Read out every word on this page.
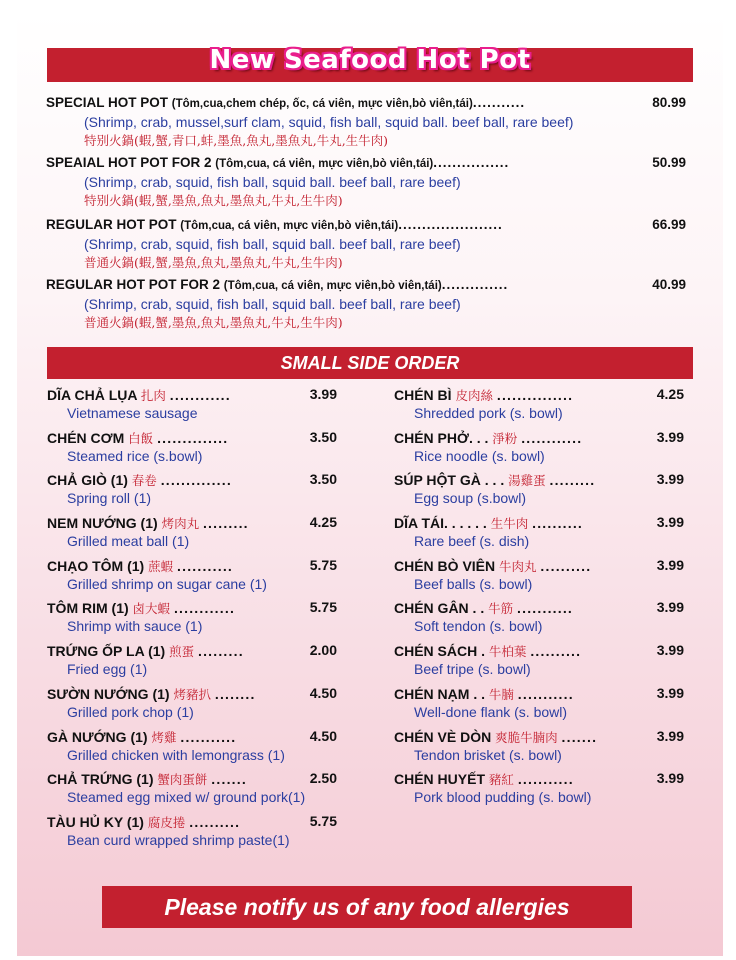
New Seafood Hot Pot
SPECIAL HOT POT (Tôm,cua,chem chép, ốc, cá viên, mực viên,bò viên,tái)...........	80.99
(Shrimp, crab, mussel,surf clam, squid, fish ball, squid ball. beef ball, rare beef)
特别火鍋(蝦,蟹,青口,蚌,墨魚,魚丸,墨魚丸,牛丸,生牛肉)
SPEAIAL HOT POT FOR 2 (Tôm,cua, cá viên, mực viên,bò viên,tái)................	50.99
(Shrimp, crab, squid, fish ball, squid ball. beef ball, rare beef)
特别火鍋(蝦,蟹,墨魚,魚丸,墨魚丸,牛丸,生牛肉)
REGULAR HOT POT (Tôm,cua, cá viên, mực viên,bò viên,tái)......................	66.99
(Shrimp, crab, squid, fish ball, squid ball. beef ball, rare beef)
普通火鍋(蝦,蟹,墨魚,魚丸,墨魚丸,牛丸,生牛肉)
REGULAR HOT POT FOR 2 (Tôm,cua, cá viên, mực viên,bò viên,tái)..............	40.99
(Shrimp, crab, squid, fish ball, squid ball. beef ball, rare beef)
普通火鍋(蝦,蟹,墨魚,魚丸,墨魚丸,牛丸,生牛肉)
SMALL SIDE ORDER
DĨA CHẢ LỤA 扎肉 ............	3.99
Vietnamese sausage
CHÉN CƠM 白飯 ..............	3.50
Steamed rice (s.bowl)
CHẢ GIÒ (1) 春卷 ..............	3.50
Spring roll (1)
NEM NƯỚNG (1) 烤肉丸 .........	4.25
Grilled meat ball (1)
CHẠO TÔM (1) 蔗蝦 ...........	5.75
Grilled shrimp on sugar cane (1)
TÔM RIM (1) 卤大蝦 ............	5.75
Shrimp with sauce (1)
TRỨNG ỐP LA (1) 煎蛋 .........	2.00
Fried egg (1)
SƯỜN NƯỚNG (1) 烤豬扒 ........	4.50
Grilled pork chop (1)
GÀ NƯỚNG (1) 烤雞 ...........	4.50
Grilled chicken with lemongrass (1)
CHẢ TRỨNG (1) 蟹肉蛋餅 .......	2.50
Steamed egg mixed w/ ground pork(1)
TÀU HỦ KY (1) 腐皮捲 ..........	5.75
Bean curd wrapped shrimp paste(1)
CHÉN BÌ 皮肉絲 ...............	4.25
Shredded pork (s. bowl)
CHÉN PHỞ. . . 淨粉 ............	3.99
Rice noodle (s. bowl)
SÚP HỘT GÀ . . . 湯雞蛋 .........	3.99
Egg soup (s.bowl)
DĨA TÁI. . . . . . 生牛肉 ..........	3.99
Rare beef (s. dish)
CHÉN BÒ VIÊN 牛肉丸 ..........	3.99
Beef balls (s. bowl)
CHÉN GÂN . . 牛筋 ...........	3.99
Soft tendon (s. bowl)
CHÉN SÁCH . 牛柏葉 ..........	3.99
Beef tripe (s. bowl)
CHÉN NẠM . . 牛腩 ...........	3.99
Well-done flank (s. bowl)
CHÉN VÈ DÒN 爽脆牛腩肉 .......	3.99
Tendon brisket (s. bowl)
CHÉN HUYẾT 豬紅 ...........	3.99
Pork blood pudding (s. bowl)
Please notify us of any food allergies
